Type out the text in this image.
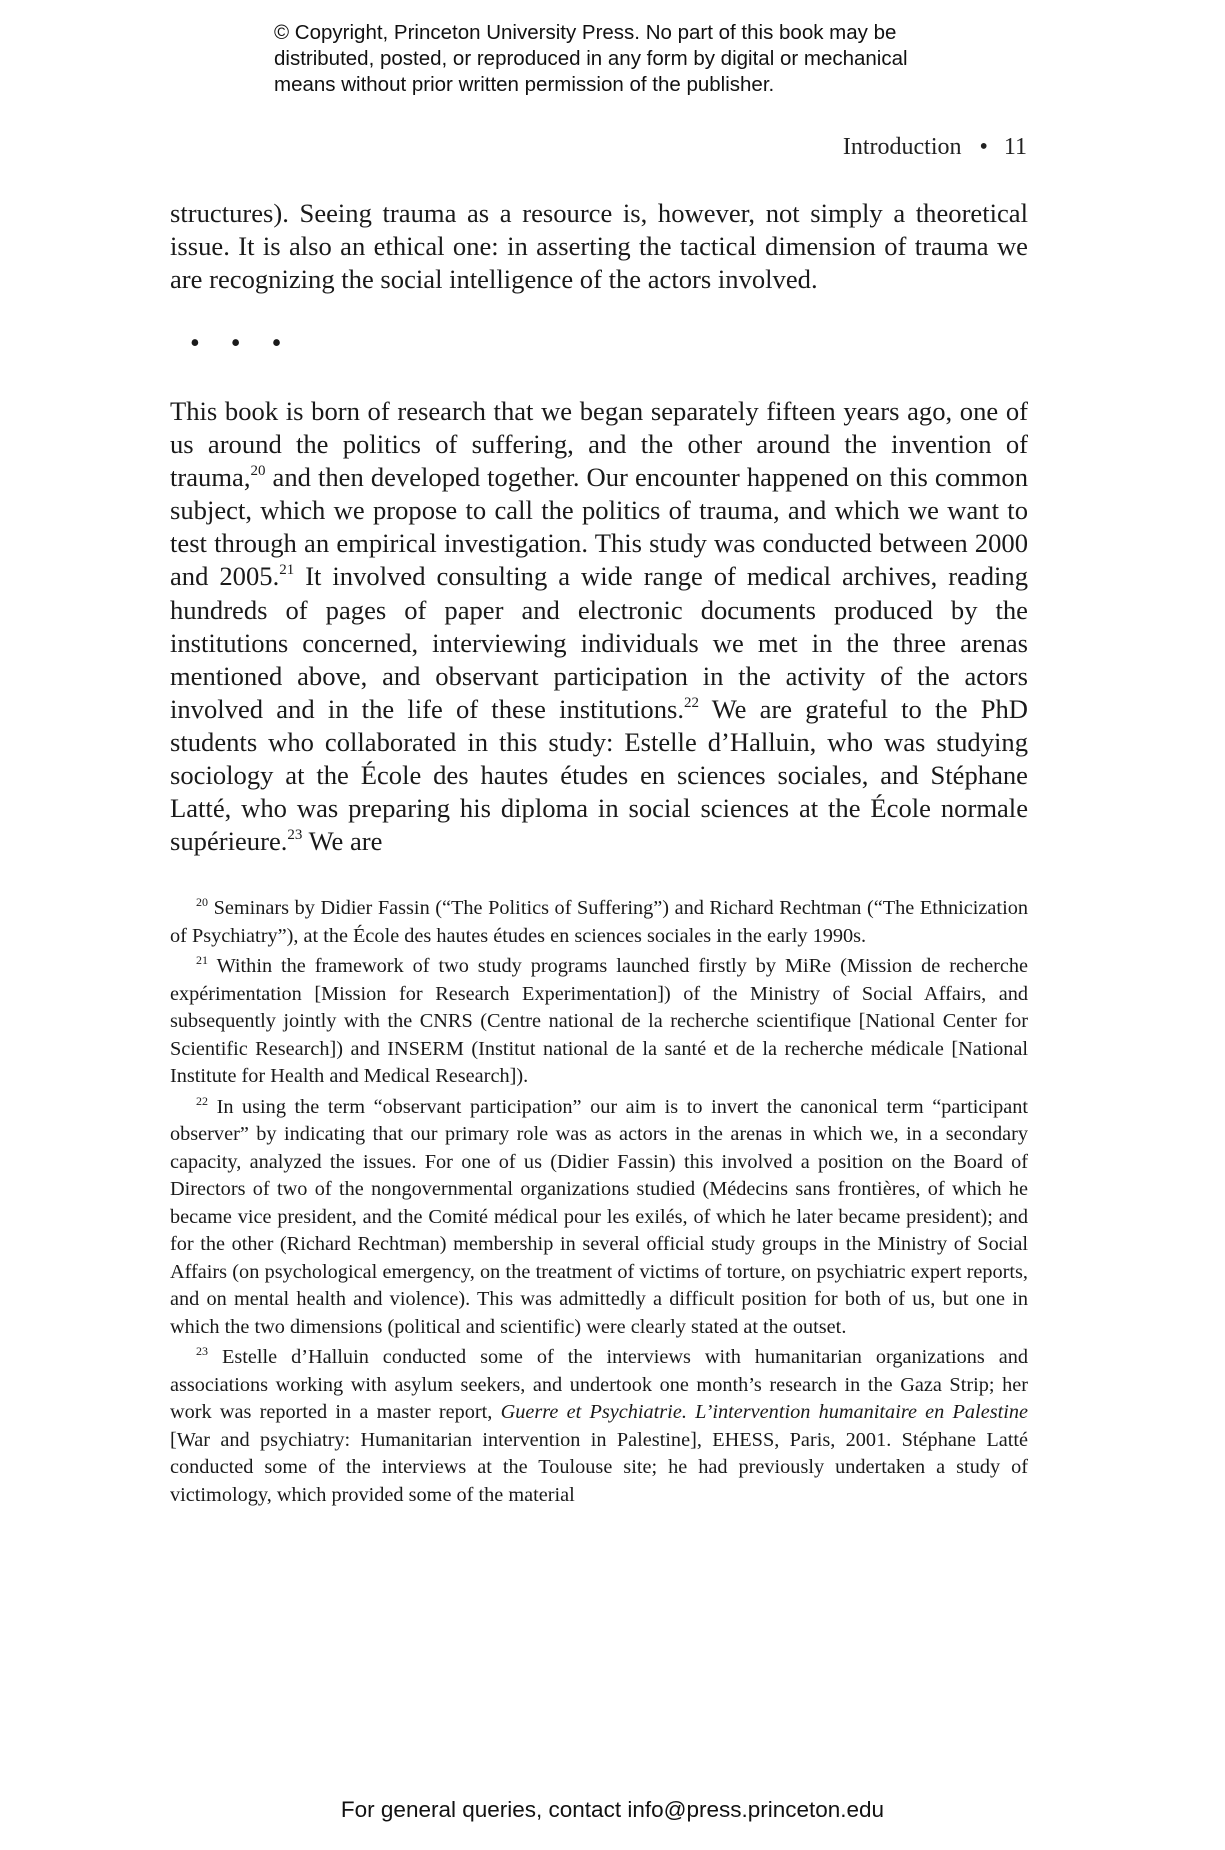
© Copyright, Princeton University Press. No part of this book may be
distributed, posted, or reproduced in any form by digital or mechanical
means without prior written permission of the publisher.
Introduction • 11

structures). Seeing trauma as a resource is, however, not simply a theoretical issue. It is also an ethical one: in asserting the tactical dimension of trauma we are recognizing the social intelligence of the actors involved.

• • •
This book is born of research that we began separately fifteen years ago, one of us around the politics of suffering, and the other around the invention of trauma,$^{20}$ and then developed together. Our encounter happened on this common subject, which we propose to call the politics of trauma, and which we want to test through an empirical investigation. This study was conducted between 2000 and 2005.21 It involved consulting a wide range of medical archives, reading hundreds of pages of paper and electronic documents produced by the institutions concerned, interviewing individuals we met in the three arenas mentioned above, and observant participation in the activity of the actors involved and in the life of these institutions.$^{22}$ We are grateful to the PhD students who collaborated in this study: Estelle d’Halluin, who was studying sociology at the École des hautes études en sciences sociales, and Stéphane Latté, who was preparing his diploma in social sciences at the École normale supérieure.$^{23}$ We are

$^{20}$ Seminars by Didier Fassin (“The Politics of Suffering”) and Richard Rechtman (“The Ethnicization of Psychiatry”), at the École des hautes études en sciences sociales in the early 1990s.

$^{21}$ Within the framework of two study programs launched firstly by MiRe (Mission de recherche expérimentation [Mission for Research Experimentation]) of the Ministry of Social Affairs, and subsequently jointly with the CNRS (Centre national de la recherche scientifique [National Center for Scientific Research]) and INSERM (Institut national de la santé et de la recherche médicale [National Institute for Health and Medical Research]).

$^{22}$ In using the term “observant participation” our aim is to invert the canonical term “participant observer” by indicating that our primary role was as actors in the arenas in which we, in a secondary capacity, analyzed the issues. For one of us (Didier Fassin) this involved a position on the Board of Directors of two of the nongovernmental organizations studied (Médecins sans frontières, of which he became vice president, and the Comité médical pour les exilés, of which he later became president); and for the other (Richard Rechtman) membership in several official study groups in the Ministry of Social Affairs (on psychological emergency, on the treatment of victims of torture, on psychiatric expert reports, and on mental health and violence). This was admittedly a difficult position for both of us, but one in which the two dimensions (political and scientific) were clearly stated at the outset.

$^{23}$ Estelle d’Halluin conducted some of the interviews with humanitarian organizations and associations working with asylum seekers, and undertook one month’s research in the Gaza Strip; her work was reported in a master report, Guerre et Psychiatrie. L’intervention humanitaire en Palestine [War and psychiatry: Humanitarian intervention in Palestine], EHESS, Paris, 2001. Stéphane Latté conducted some of the interviews at the Toulouse site; he had previously undertaken a study of victimology, which provided some of the material

For general queries, contact info@press.princeton.edu
